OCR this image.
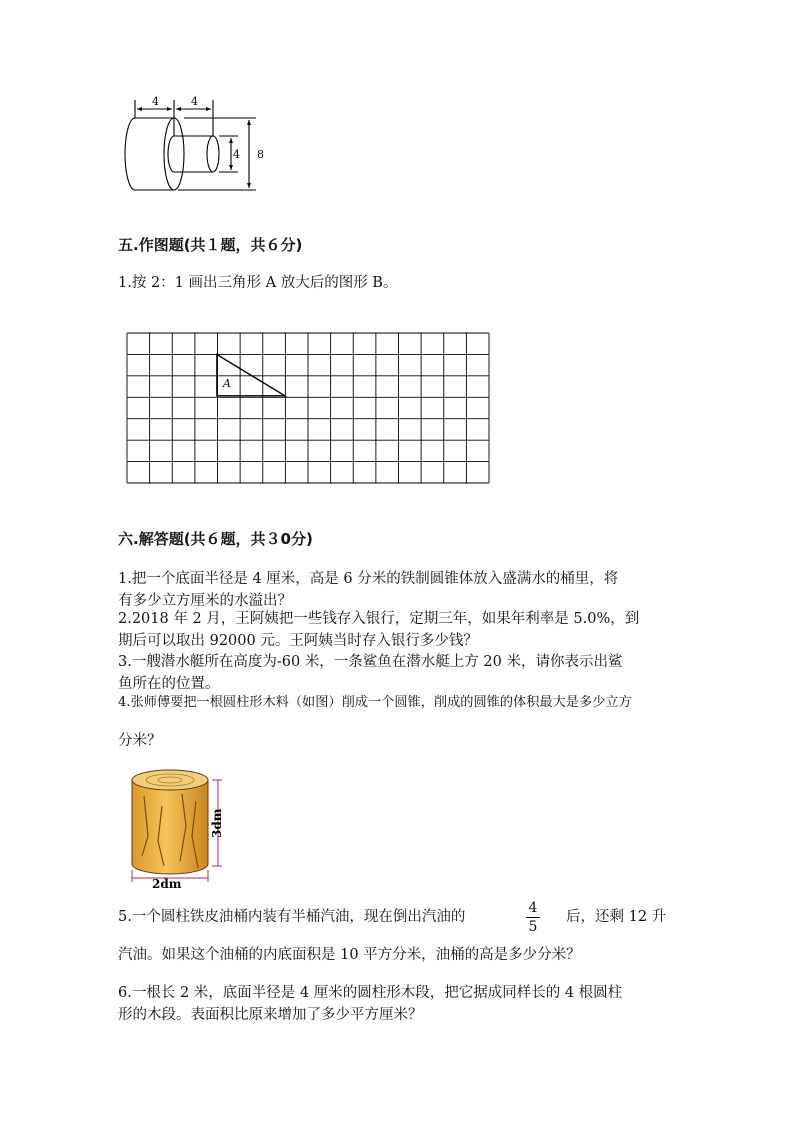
4	4
4 8
五.作图题(共１题，共６分)
1.按 2：1 画出三角形 A 放大后的图形 B。
A
六.解答题(共６题，共３0分)
1.把一个底面半径是 4 厘米，高是 6 分米的铁制圆锥体放入盛满水的桶里，将
有多少立方厘米的水溢出？
2.2018 年 2 月，王阿姨把一些钱存入银行，定期三年，如果年利率是 5.0%，到
期后可以取出 92000 元。王阿姨当时存入银行多少钱？
3.一艘潜水艇所在高度为-60 米，一条鲨鱼在潜水艇上方 20 米，请你表示出鲨
鱼所在的位置。
4.张师傅要把一根圆柱形木料（如图）削成一个圆锥，削成的圆锥的体积最大是多少立方
分米？
3dm
2dm
5.一个圆柱铁皮油桶内装有半桶汽油，现在倒出汽油的
4
5
后，还剩 12 升
汽油。如果这个油桶的内底面积是 10 平方分米，油桶的高是多少分米？
6.一根长 2 米，底面半径是 4 厘米的圆柱形木段，把它据成同样长的 4 根圆柱
形的木段。表面积比原来增加了多少平方厘米？
